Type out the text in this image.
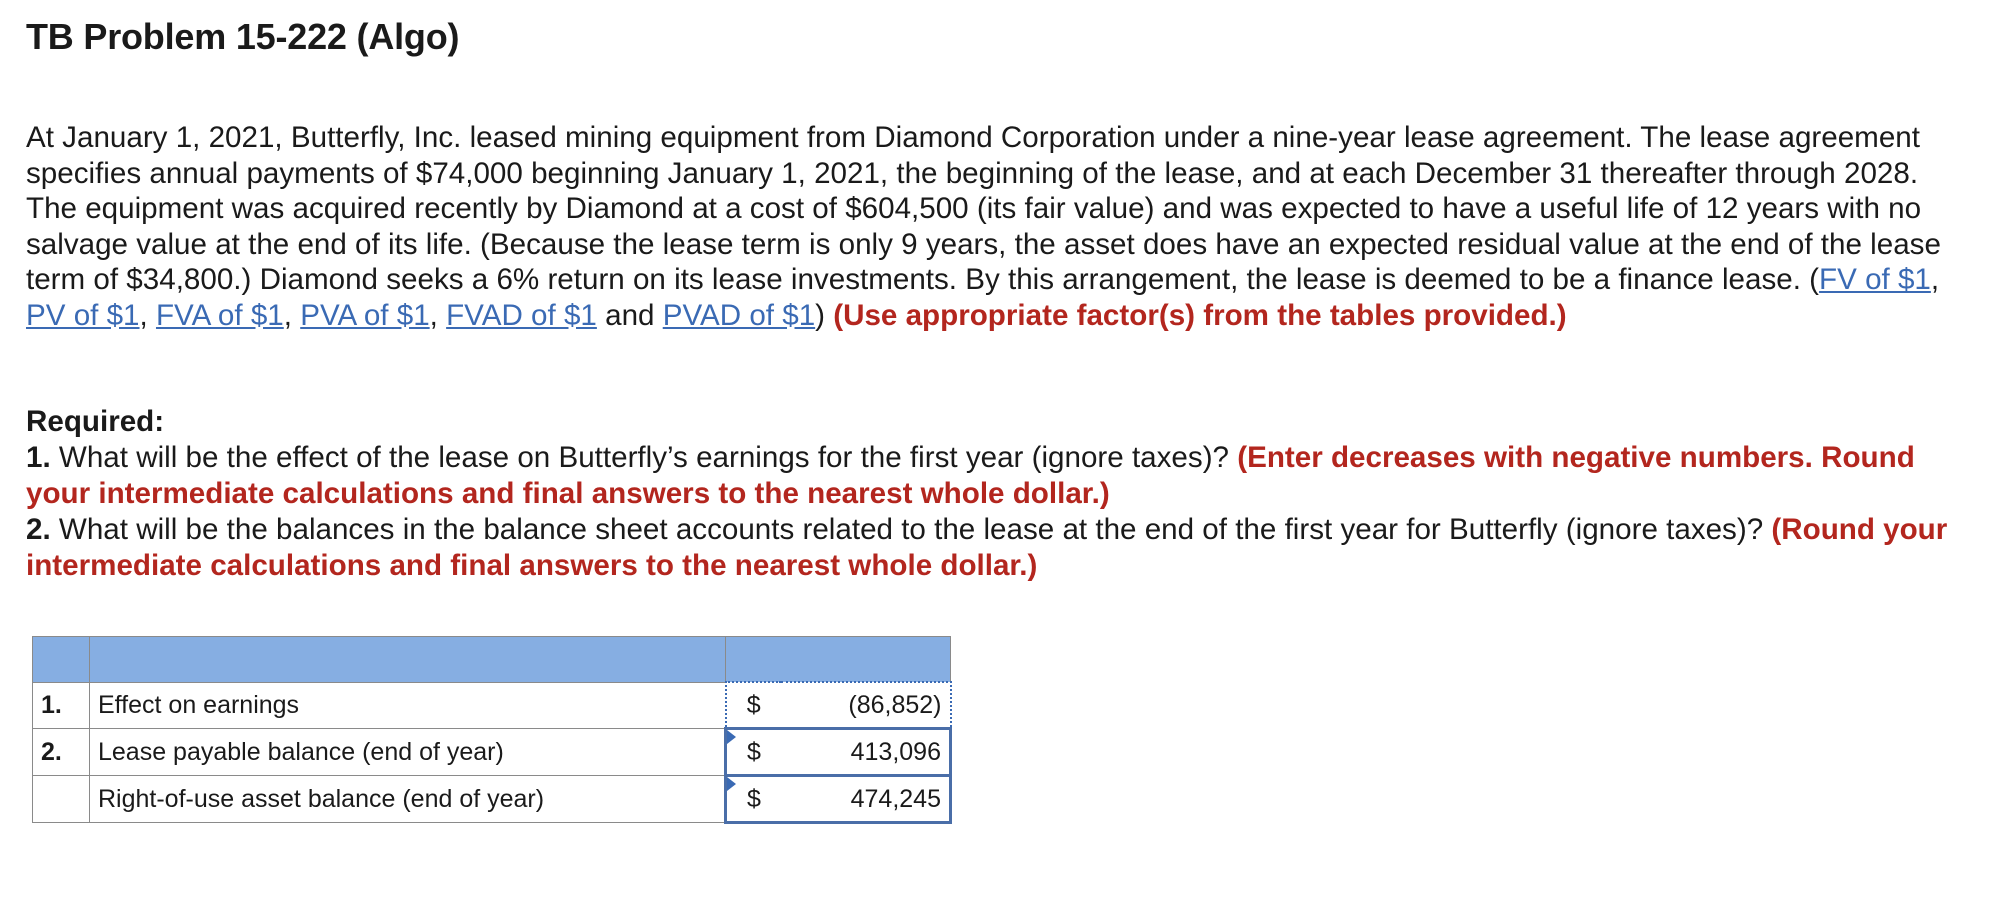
TB Problem 15-222 (Algo)

At January 1, 2021, Butterfly, Inc. leased mining equipment from Diamond Corporation under a nine-year lease agreement. The lease agreement specifies annual payments of $74,000 beginning January 1, 2021, the beginning of the lease, and at each December 31 thereafter through 2028. The equipment was acquired recently by Diamond at a cost of $604,500 (its fair value) and was expected to have a useful life of 12 years with no salvage value at the end of its life. (Because the lease term is only 9 years, the asset does have an expected residual value at the end of the lease term of $34,800.) Diamond seeks a 6% return on its lease investments. By this arrangement, the lease is deemed to be a finance lease. (FV of $1, PV of $1, FVA of $1, PVA of $1, FVAD of $1 and PVAD of $1) (Use appropriate factor(s) from the tables provided.)

Required:
1. What will be the effect of the lease on Butterfly’s earnings for the first year (ignore taxes)? (Enter decreases with negative numbers. Round your intermediate calculations and final answers to the nearest whole dollar.)
2. What will be the balances in the balance sheet accounts related to the lease at the end of the first year for Butterfly (ignore taxes)? (Round your intermediate calculations and final answers to the nearest whole dollar.)

1.	Effect on earnings	$	(86,852)
2.	Lease payable balance (end of year)	$	413,096
	Right-of-use asset balance (end of year)	$	474,245
